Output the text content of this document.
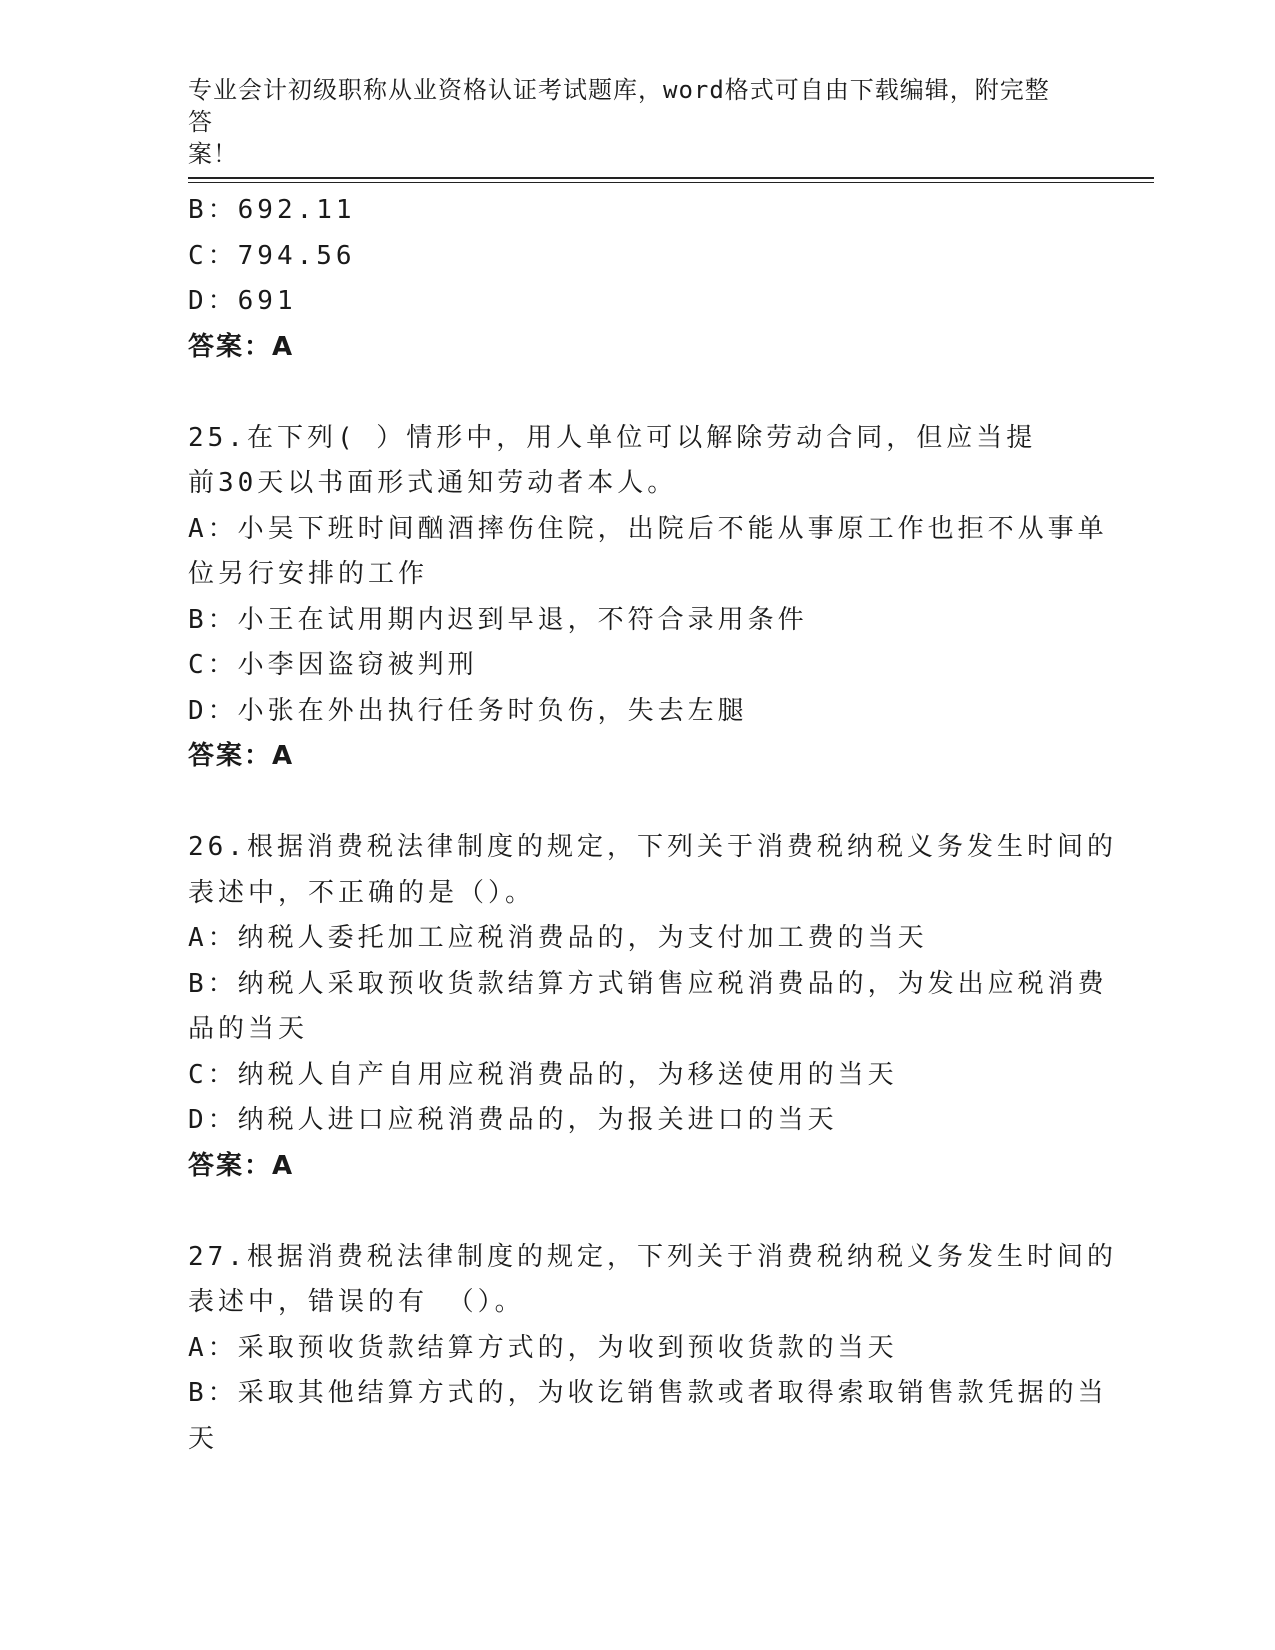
专业会计初级职称从业资格认证考试题库，word格式可自由下载编辑，附完整答
案！
B：692.11
C：794.56
D：691
答案：A
25.在下列( ）情形中，用人单位可以解除劳动合同，但应当提
前30天以书面形式通知劳动者本人。
A：小吴下班时间酗酒摔伤住院，出院后不能从事原工作也拒不从事单
位另行安排的工作
B：小王在试用期内迟到早退，不符合录用条件
C：小李因盗窃被判刑
D：小张在外出执行任务时负伤，失去左腿
答案：A
26.根据消费税法律制度的规定，下列关于消费税纳税义务发生时间的
表述中，不正确的是（）。
A：纳税人委托加工应税消费品的，为支付加工费的当天
B：纳税人采取预收货款结算方式销售应税消费品的，为发出应税消费
品的当天
C：纳税人自产自用应税消费品的，为移送使用的当天
D：纳税人进口应税消费品的，为报关进口的当天
答案：A
27.根据消费税法律制度的规定，下列关于消费税纳税义务发生时间的
表述中，错误的有 （）。
A：采取预收货款结算方式的，为收到预收货款的当天
B：采取其他结算方式的，为收讫销售款或者取得索取销售款凭据的当
天
